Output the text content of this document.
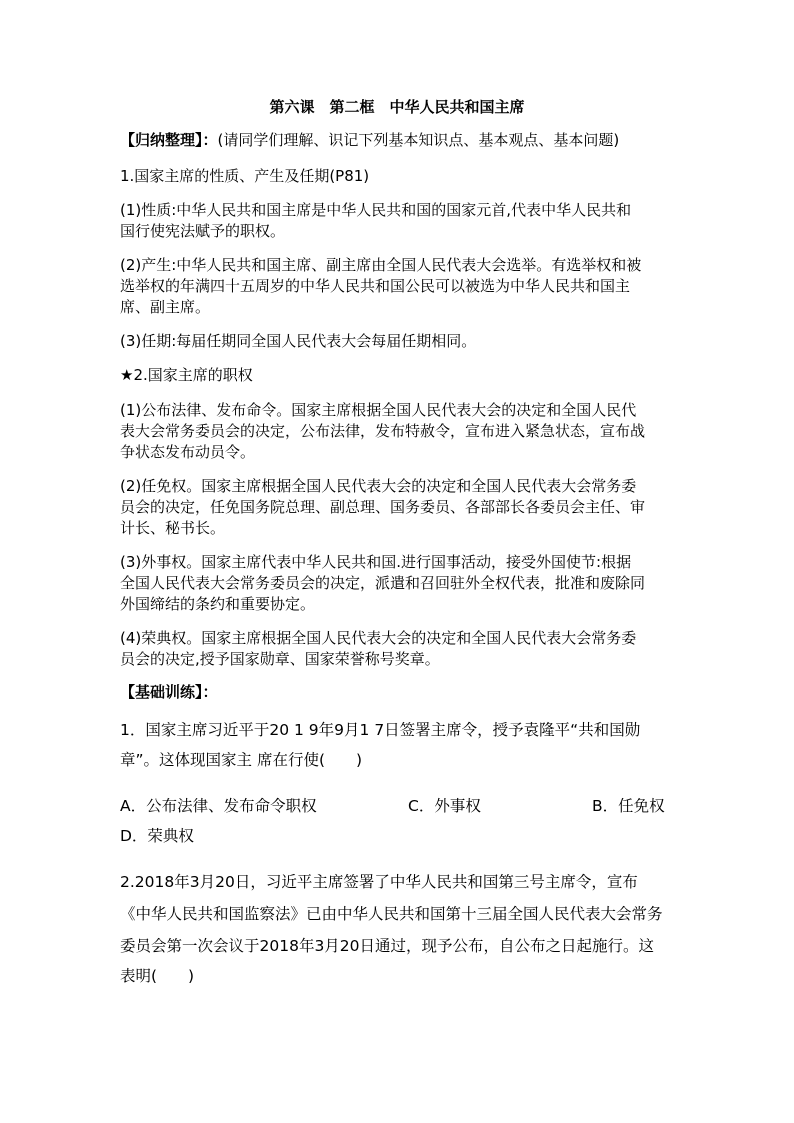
第六课　第二框　中华人民共和国主席
【归纳整理】：(请同学们理解、识记下列基本知识点、基本观点、基本问题)
1.国家主席的性质、产生及任期(P81)
(1)性质:中华人民共和国主席是中华人民共和国的国家元首,代表中华人民共和
国行使宪法赋予的职权。
(2)产生:中华人民共和国主席、副主席由全国人民代表大会选举。有选举权和被
选举权的年满四十五周岁的中华人民共和国公民可以被选为中华人民共和国主
席、副主席。
(3)任期:每届任期同全国人民代表大会每届任期相同。
★2.国家主席的职权
(1)公布法律、发布命令。国家主席根据全国人民代表大会的决定和全国人民代
表大会常务委员会的决定，公布法律，发布特赦令，宣布进入紧急状态，宣布战
争状态发布动员令。
(2)任免权。国家主席根据全国人民代表大会的决定和全国人民代表大会常务委
员会的决定，任免国务院总理、副总理、国务委员、各部部长各委员会主任、审
计长、秘书长。
(3)外事权。国家主席代表中华人民共和国.进行国事活动，接受外国使节:根据
全国人民代表大会常务委员会的决定，派遣和召回驻外全权代表，批准和废除同
外国缔结的条约和重要协定。
(4)荣典权。国家主席根据全国人民代表大会的决定和全国人民代表大会常务委
员会的决定,授予国家勋章、国家荣誉称号奖章。
【基础训练】：
1．国家主席习近平于20 1 9年9月1 7日签署主席令，授予袁隆平“共和国勋
章”。这体现国家主 席在行使(　　)
A．公布法律、发布命令职权	C．外事权	B．任免权
D．荣典权
2.2018年3月20日，习近平主席签署了中华人民共和国第三号主席令，宣布
《中华人民共和国监察法》已由中华人民共和国第十三届全国人民代表大会常务
委员会第一次会议于2018年3月20日通过，现予公布，自公布之日起施行。这
表明(　　)
